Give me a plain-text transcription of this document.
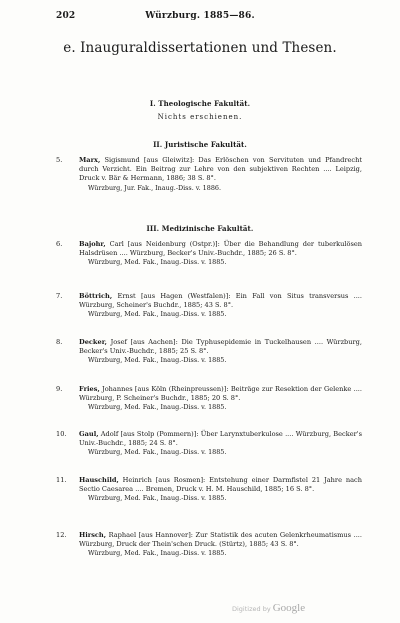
202	Würzburg. 1885—86.
e. Inauguraldissertationen und Thesen.
I. Theologische Fakultät.
Nichts erschienen.
II. Juristische Fakultät.
5.	Marx, Sigismund [aus Gleiwitz]: Das Erlöschen von Servituten und Pfandrecht durch Verzicht. Ein Beitrag zur Lehre von den subjektiven Rechten .... Leipzig, Druck v. Bär & Hermann, 1886; 38 S. 8°.
Würzburg, Jur. Fak., Inaug.-Diss. v. 1886.
III. Medizinische Fakultät.
6.	Bajohr, Carl [aus Neidenburg (Ostpr.)]: Über die Behandlung der tuberkulösen Halsdrüsen .... Würzburg, Becker's Univ.-Buchdr., 1885; 26 S. 8°.
Würzburg, Med. Fak., Inaug.-Diss. v. 1885.
7.	Böttrich, Ernst [aus Hagen (Westfalen)]: Ein Fall von Situs transversus .... Würzburg, Scheiner's Buchdr., 1885; 43 S. 8°.
Würzburg, Med. Fak., Inaug.-Diss. v. 1885.
8.	Decker, Josef [aus Aachen]: Die Typhusepidemie in Tuckelhausen .... Würzburg, Becker's Univ.-Buchdr., 1885; 25 S. 8°.
Würzburg, Med. Fak., Inaug.-Diss. v. 1885.
9.	Fries, Johannes [aus Köln (Rheinpreussen)]: Beiträge zur Resektion der Gelenke .... Würzburg, P. Scheiner's Buchdr., 1885; 20 S. 8°.
Würzburg, Med. Fak., Inaug.-Diss. v. 1885.
10.	Gaul, Adolf [aus Stolp (Pommern)]: Über Larynxtuberkulose .... Würzburg, Becker's Univ.-Buchdr., 1885; 24 S. 8°.
Würzburg, Med. Fak., Inaug.-Diss. v. 1885.
11.	Hauschild, Heinrich [aus Rosmen]: Entstehung einer Darmfistel 21 Jahre nach Sectio Caesarea .... Bremen, Druck v. H. M. Hauschild, 1885; 16 S. 8°.
Würzburg, Med. Fak., Inaug.-Diss. v. 1885.
12.	Hirsch, Raphael [aus Hannover]: Zur Statistik des acuten Gelenkrheumatismus .... Würzburg, Druck der Thein'schen Druck. (Stürtz), 1885; 43 S. 8°.
Würzburg, Med. Fak., Inaug.-Diss. v. 1885.
Digitized by Google
